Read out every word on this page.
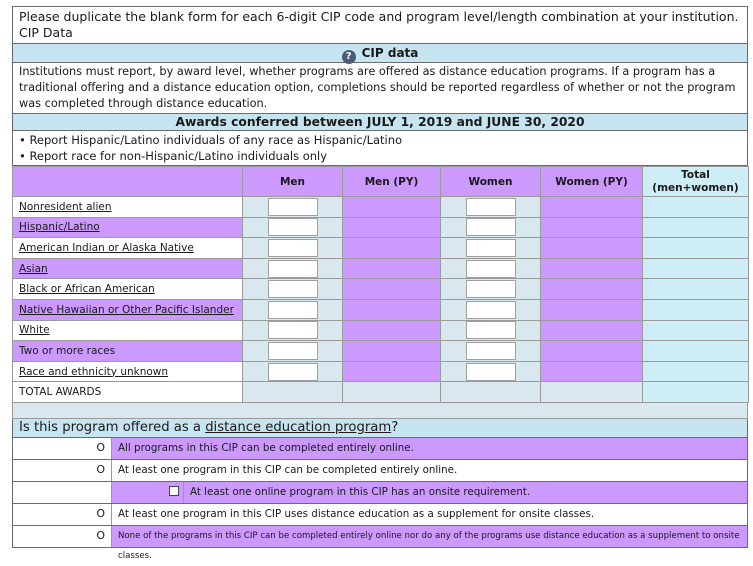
Please duplicate the blank form for each 6-digit CIP code and program level/length combination at your institution.
CIP Data
? CIP data
Institutions must report, by award level, whether programs are offered as distance education programs. If a program has a traditional offering and a distance education option, completions should be reported regardless of whether or not the program was completed through distance education.
Awards conferred between JULY 1, 2019 and JUNE 30, 2020
• Report Hispanic/Latino individuals of any race as Hispanic/Latino
• Report race for non-Hispanic/Latino individuals only
	Men	Men (PY)	Women	Women (PY)	Total (men+women)
Nonresident alien	

Hispanic/Latino	

American Indian or Alaska Native	

Asian	

Black or African American	

Native Hawaiian or Other Pacific Islander	

White	

Two or more races	

Race and ethnicity unknown	

TOTAL AWARDS					
Is this program offered as a distance education program?
O	All programs in this CIP can be completed entirely online.
O	At least one program in this CIP can be completed entirely online.
At least one online program in this CIP has an onsite requirement.
O	At least one program in this CIP uses distance education as a supplement for onsite classes.
O	None of the programs in this CIP can be completed entirely online nor do any of the programs use distance education as a supplement to onsite classes.
